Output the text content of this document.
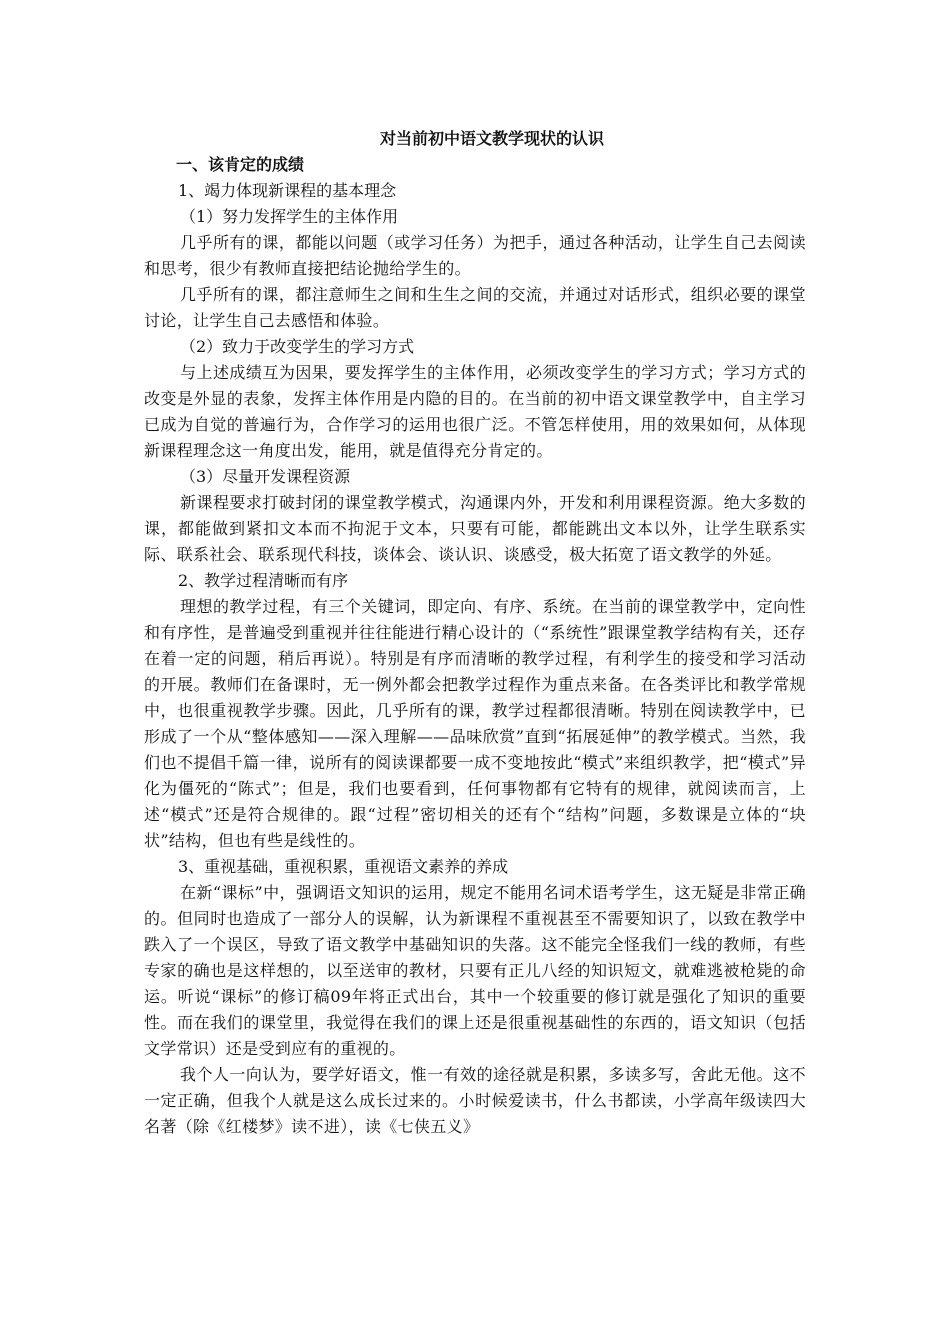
对当前初中语文教学现状的认识
一、该肯定的成绩
1、竭力体现新课程的基本理念
（1）努力发挥学生的主体作用

几乎所有的课，都能以问题（或学习任务）为把手，通过各种活动，让学生自己去阅读和思考，很少有教师直接把结论抛给学生的。

几乎所有的课，都注意师生之间和生生之间的交流，并通过对话形式，组织必要的课堂讨论，让学生自己去感悟和体验。

（2）致力于改变学生的学习方式

与上述成绩互为因果，要发挥学生的主体作用，必须改变学生的学习方式；学习方式的改变是外显的表象，发挥主体作用是内隐的目的。在当前的初中语文课堂教学中，自主学习已成为自觉的普遍行为，合作学习的运用也很广泛。不管怎样使用，用的效果如何，从体现新课程理念这一角度出发，能用，就是值得充分肯定的。

（3）尽量开发课程资源

新课程要求打破封闭的课堂教学模式，沟通课内外，开发和利用课程资源。绝大多数的课，都能做到紧扣文本而不拘泥于文本，只要有可能，都能跳出文本以外，让学生联系实际、联系社会、联系现代科技，谈体会、谈认识、谈感受，极大拓宽了语文教学的外延。

2、教学过程清晰而有序

理想的教学过程，有三个关键词，即定向、有序、系统。在当前的课堂教学中，定向性和有序性，是普遍受到重视并往往能进行精心设计的（“系统性”跟课堂教学结构有关，还存在着一定的问题，稍后再说）。特别是有序而清晰的教学过程，有利学生的接受和学习活动的开展。教师们在备课时，无一例外都会把教学过程作为重点来备。在各类评比和教学常规中，也很重视教学步骤。因此，几乎所有的课，教学过程都很清晰。特别在阅读教学中，已形成了一个从“整体感知——深入理解——品味欣赏”直到“拓展延伸”的教学模式。当然，我们也不提倡千篇一律，说所有的阅读课都要一成不变地按此“模式”来组织教学，把“模式”异化为僵死的“陈式”；但是，我们也要看到，任何事物都有它特有的规律，就阅读而言，上述“模式”还是符合规律的。跟“过程”密切相关的还有个“结构”问题，多数课是立体的“块状”结构，但也有些是线性的。

3、重视基础，重视积累，重视语文素养的养成

在新“课标”中，强调语文知识的运用，规定不能用名词术语考学生，这无疑是非常正确的。但同时也造成了一部分人的误解，认为新课程不重视甚至不需要知识了，以致在教学中跌入了一个误区，导致了语文教学中基础知识的失落。这不能完全怪我们一线的教师，有些专家的确也是这样想的，以至送审的教材，只要有正儿八经的知识短文，就难逃被枪毙的命运。听说“课标”的修订稿09年将正式出台，其中一个较重要的修订就是强化了知识的重要性。而在我们的课堂里，我觉得在我们的课上还是很重视基础性的东西的，语文知识（包括文学常识）还是受到应有的重视的。

我个人一向认为，要学好语文，惟一有效的途径就是积累，多读多写，舍此无他。这不一定正确，但我个人就是这么成长过来的。小时候爱读书，什么书都读，小学高年级读四大名著（除《红楼梦》读不进），读《七侠五义》
